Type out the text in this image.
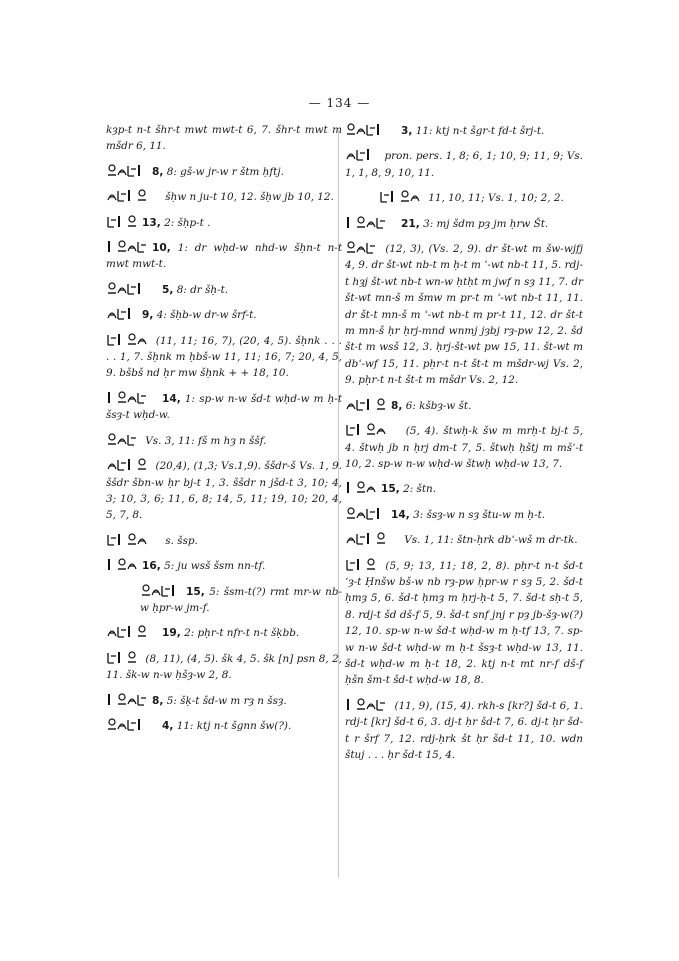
— 134 —

kȝp-t n-t šhr-t mwt mwt-t 6, 7. šhr-t mwt m mšdr 6, 11.

8, 8: gš-w jr-w r štm ḥftj.

šḥw n ju-t 10, 12. šḥw jb 10, 12.

13, 2: šḥp-t .

10, 1: dr wḥd-w nhd-w šḥn-t n-t mwt mwt-t.

5, 8: dr šḥ-t.

9, 4: šḥb-w dr-w šrf-t.

(11, 11; 16, 7), (20, 4, 5). šḥnk . . . . . 1, 7. šḥnk m ḥbš-w 11, 11; 16, 7; 20, 4, 5, 9. bšbš nd ḥr mw šḥnk + + 18, 10.

14, 1: sp-w n-w šd-t wḥd-w m ḥ-t šsȝ-t wḥd-w.

Vs. 3, 11: fš m hȝ n ššf.

(20,4), (1,3; Vs.1,9). ššdr-š Vs. 1, 9. ššdr šbn-w ḥr bj-t 1, 3. ššdr n jšd-t 3, 10; 4, 3; 10, 3, 6; 11, 6, 8; 14, 5, 11; 19, 10; 20, 4, 5, 7, 8.

s. šsp.

16, 5: ju wsš šsm nn-tf.

15, 5: šsm-t(?) rmt mr-w nb-w ḥpr-w jm-f.

19, 2: pḥr-t nfr-t n-t šḳbb.

(8, 11), (4, 5). šk 4, 5. šk [n] psn 8, 2, 11. šk-w n-w ḥšȝ-w 2, 8.

8, 5: šḳ-t šd-w m rȝ n šsȝ.

4, 11: ktj n-t šgnn šw(?).

3, 11: ktj n-t šgr-t fd-t šrj-t.

pron. pers. 1, 8; 6, 1; 10, 9; 11, 9; Vs. 1, 1, 8, 9, 10, 11.

11, 10, 11; Vs. 1, 10; 2, 2.

21, 3: mj šdm pȝ jm ḥrw Št.

(12, 3), (Vs. 2, 9). dr št-wt m šw-wjfj 4, 9. dr št-wt nb-t m ḥ-t m ʿ-wt nb-t 11, 5. rdj-t hȝj št-wt nb-t wn-w ḥtḥt m jwf n sȝ 11, 7. dr št-wt mn-š m šmw m pr-t m ʿ-wt nb-t 11, 11. dr št-t mn-š m ʿ-wt nb-t m pr-t 11, 12. dr št-t m mn-š ḥr ḥrj-mnd wnmj jȝbj rȝ-pw 12, 2. šd št-t m wsš 12, 3. ḥrj-št-wt pw 15, 11. št-wt m dbʿ-wf 15, 11. pḥr-t n-t št-t m mšdr-wj Vs. 2, 9. pḥr-t n-t št-t m mšdr Vs. 2, 12.

8, 6: kšbȝ-w št.

(5, 4). štwḥ-k šw m mrḥ-t bj-t 5, 4. štwḥ jb n ḥrj dm-t 7, 5. štwḥ ḥštj m mšʿ-t 10, 2. sp-w n-w wḥd-w štwḥ wḥd-w 13, 7.

15, 2: štn.

14, 3: šsȝ-w n sȝ štu-w m ḥ-t.

Vs. 1, 11: štn-ḥrk dbʿ-wš m dr-tk.

(5, 9; 13, 11; 18, 2, 8). pḥr-t n-t šd-t ʿȝ-t Ḥnšw bš-w nb rȝ-pw ḥpr-w r sȝ 5, 2. šd-t ḥmȝ 5, 6. šd-t ḥmȝ m ḥrj-ḥ-t 5, 7. šd-t sḥ-t 5, 8. rdj-t šd dš-f 5, 9. šd-t snf jnj r pȝ jb-šȝ-w(?) 12, 10. sp-w n-w šd-t wḥd-w m ḥ-tf 13, 7. sp-w n-w šd-t wḥd-w m ḥ-t šsȝ-t wḥd-w 13, 11. šd-t wḥd-w m ḥ-t 18, 2. ktj n-t mt nr-f dš-f ḥšn šm-t šd-t wḥd-w 18, 8.

(11, 9), (15, 4). rkh-s [kr?] šd-t 6, 1. rdj-t [kr] šd-t 6, 3. dj-t ḥr šd-t 7, 6. dj-t ḥr šd-t r šrf 7, 12. rdj-ḥrk št ḥr šd-t 11, 10. wdn štuj . . . ḥr šd-t 15, 4.
